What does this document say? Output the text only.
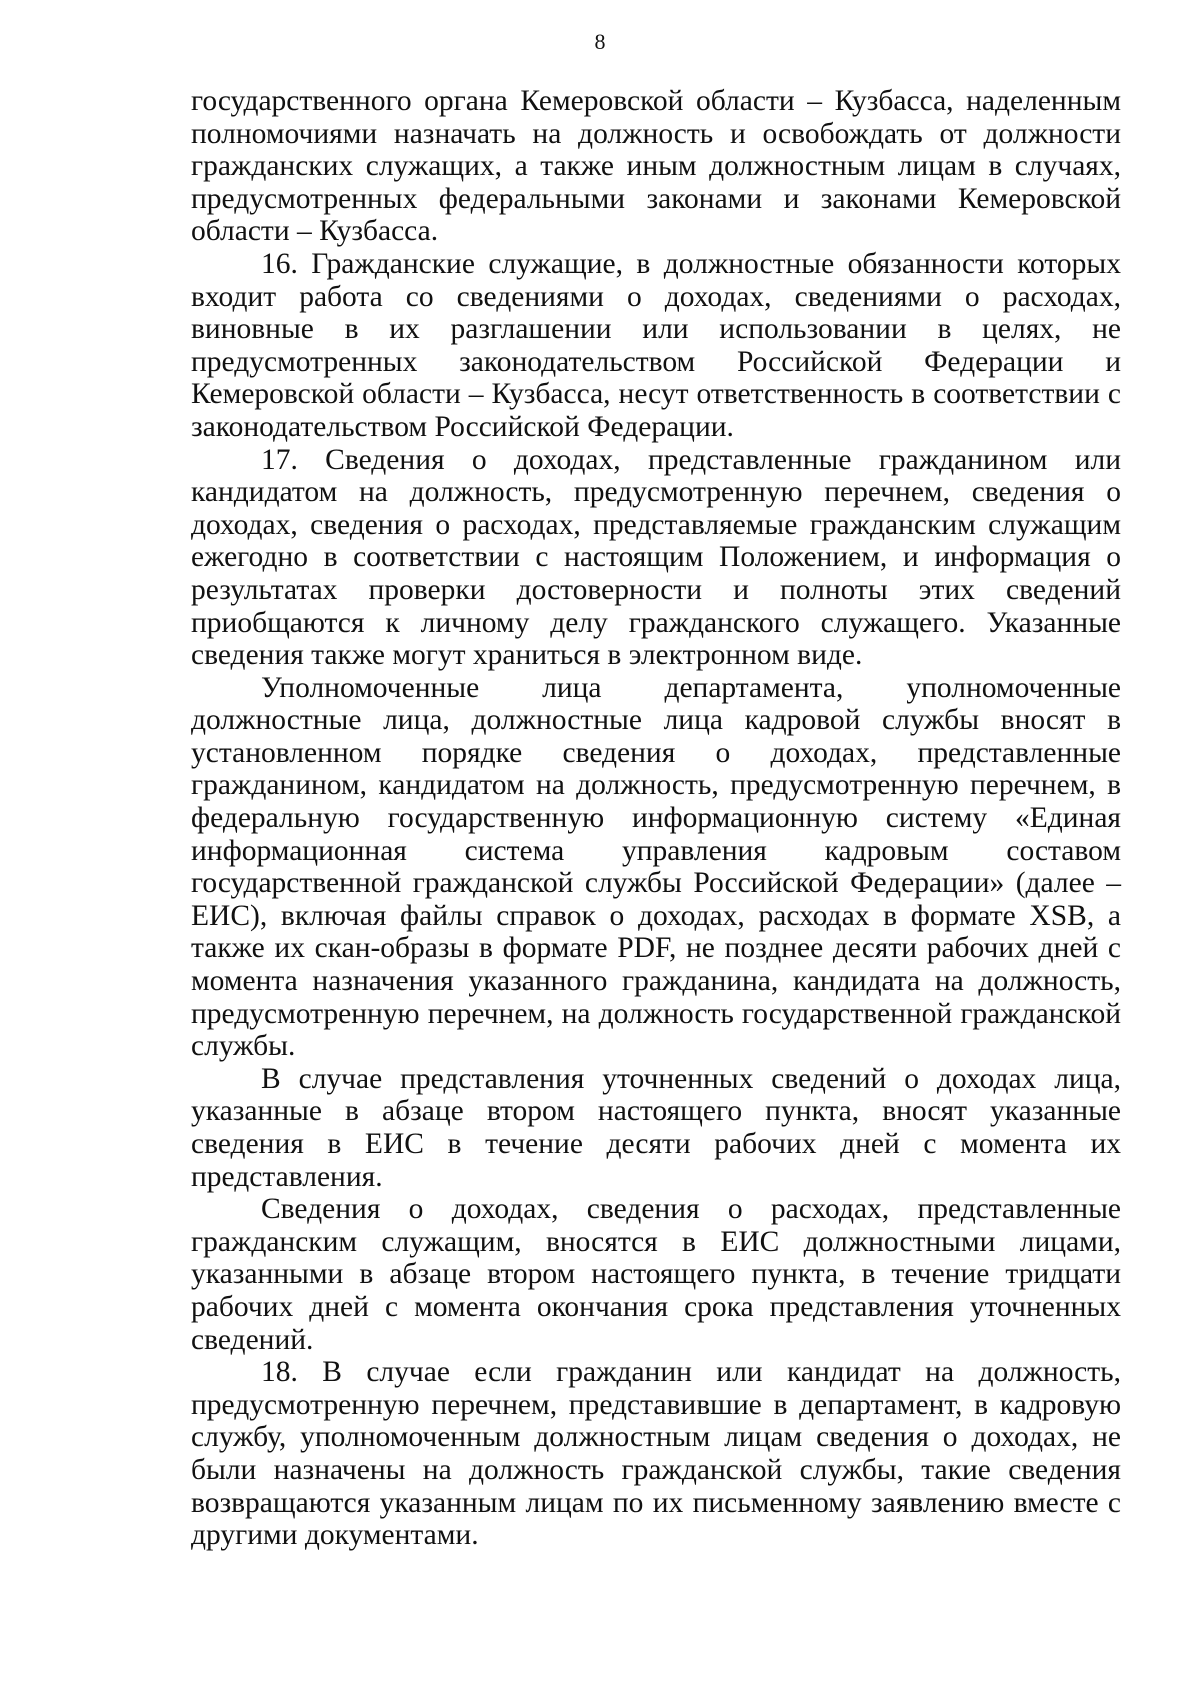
8

государственного органа Кемеровской области – Кузбасса, наделенным полномочиями назначать на должность и освобождать от должности гражданских служащих, а также иным должностным лицам в случаях, предусмотренных федеральными законами и законами Кемеровской области – Кузбасса.

16. Гражданские служащие, в должностные обязанности которых входит работа со сведениями о доходах, сведениями о расходах, виновные в их разглашении или использовании в целях, не предусмотренных законодательством Российской Федерации и Кемеровской области – Кузбасса, несут ответственность в соответствии с законодательством Российской Федерации.

17. Сведения о доходах, представленные гражданином или кандидатом на должность, предусмотренную перечнем, сведения о доходах, сведения о расходах, представляемые гражданским служащим ежегодно в соответствии с настоящим Положением, и информация о результатах проверки достоверности и полноты этих сведений приобщаются к личному делу гражданского служащего. Указанные сведения также могут храниться в электронном виде.

Уполномоченные лица департамента, уполномоченные должностные лица, должностные лица кадровой службы вносят в установленном порядке сведения о доходах, представленные гражданином, кандидатом на должность, предусмотренную перечнем, в федеральную государственную информационную систему «Единая информационная система управления кадровым составом государственной гражданской службы Российской Федерации» (далее – ЕИС), включая файлы справок о доходах, расходах в формате XSB, а также их скан-образы в формате PDF, не позднее десяти рабочих дней с момента назначения указанного гражданина, кандидата на должность, предусмотренную перечнем, на должность государственной гражданской службы.

В случае представления уточненных сведений о доходах лица, указанные в абзаце втором настоящего пункта, вносят указанные сведения в ЕИС в течение десяти рабочих дней с момента их представления.

Сведения о доходах, сведения о расходах, представленные гражданским служащим, вносятся в ЕИС должностными лицами, указанными в абзаце втором настоящего пункта, в течение тридцати рабочих дней с момента окончания срока представления уточненных сведений.

18. В случае если гражданин или кандидат на должность, предусмотренную перечнем, представившие в департамент, в кадровую службу, уполномоченным должностным лицам сведения о доходах, не были назначены на должность гражданской службы, такие сведения возвращаются указанным лицам по их письменному заявлению вместе с другими документами.
